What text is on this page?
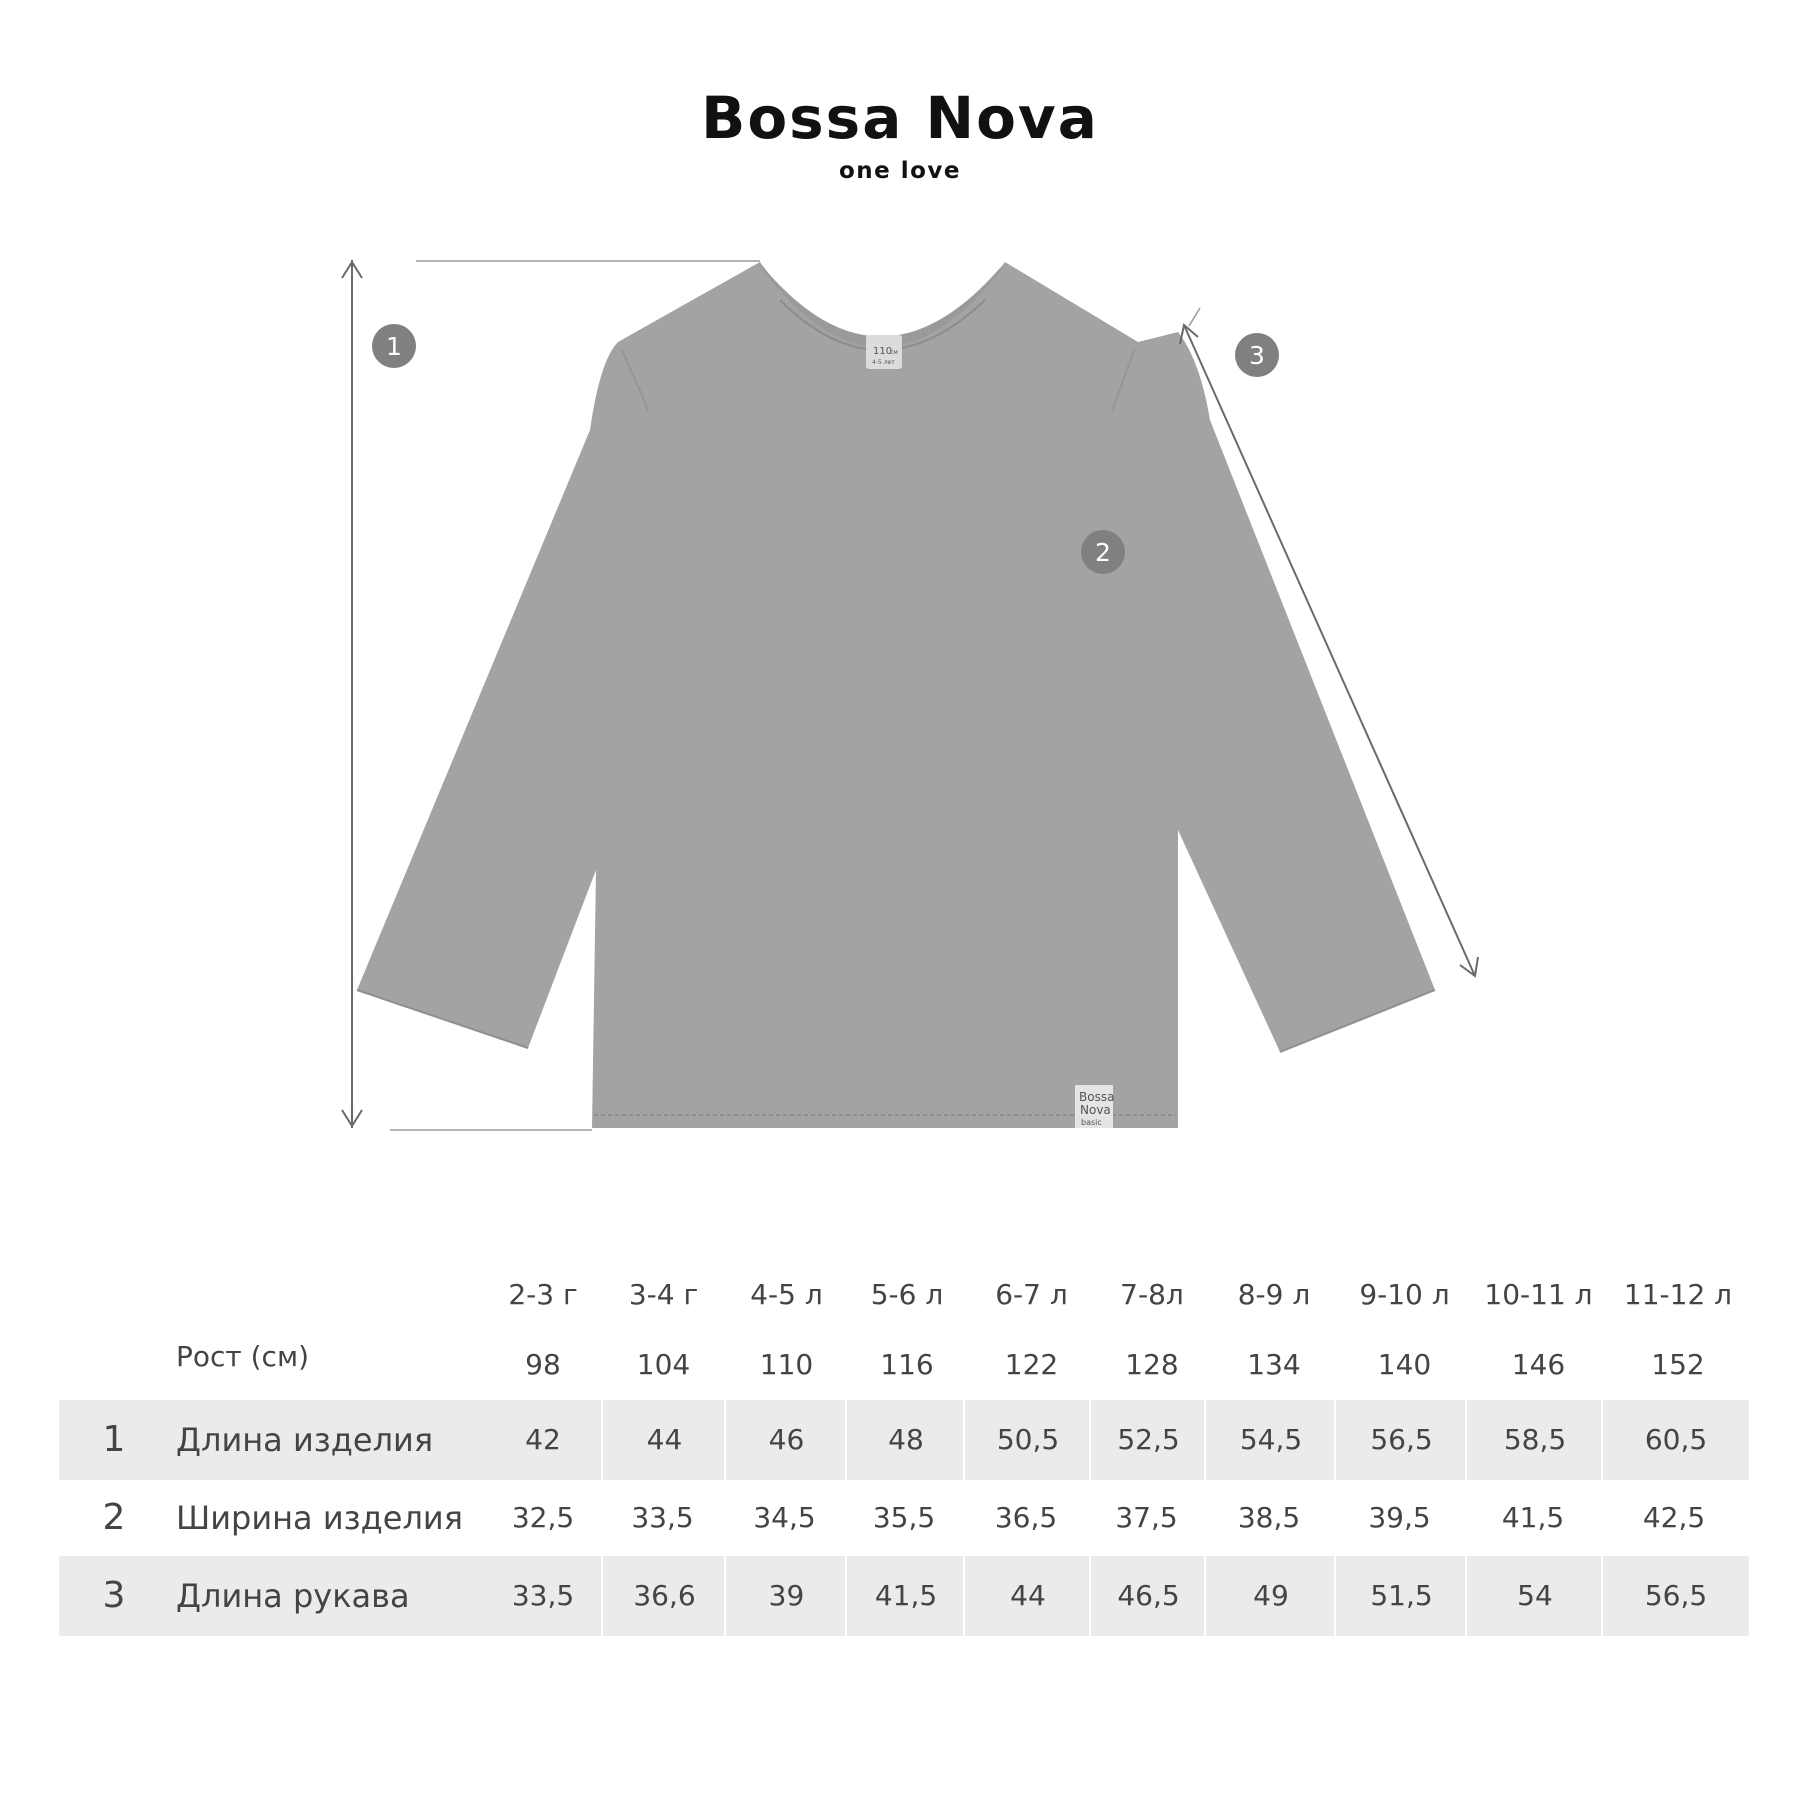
Bossa Nova
one love
110
см
4-5 лет
Bossa
Nova
basic
1
2
3
2-3 г	3-4 г	4-5 л	5-6 л	6-7 л	7-8л	8-9 л	9-10 л	10-11 л	11-12 л
Рост (см)	98	104	110	116	122	128	134	140	146	152
1	Длина изделия	42	44	46	48	50,5	52,5	54,5	56,5	58,5	60,5
2	Ширина изделия	32,5	33,5	34,5	35,5	36,5	37,5	38,5	39,5	41,5	42,5
3	Длина рукава	33,5	36,6	39	41,5	44	46,5	49	51,5	54	56,5
